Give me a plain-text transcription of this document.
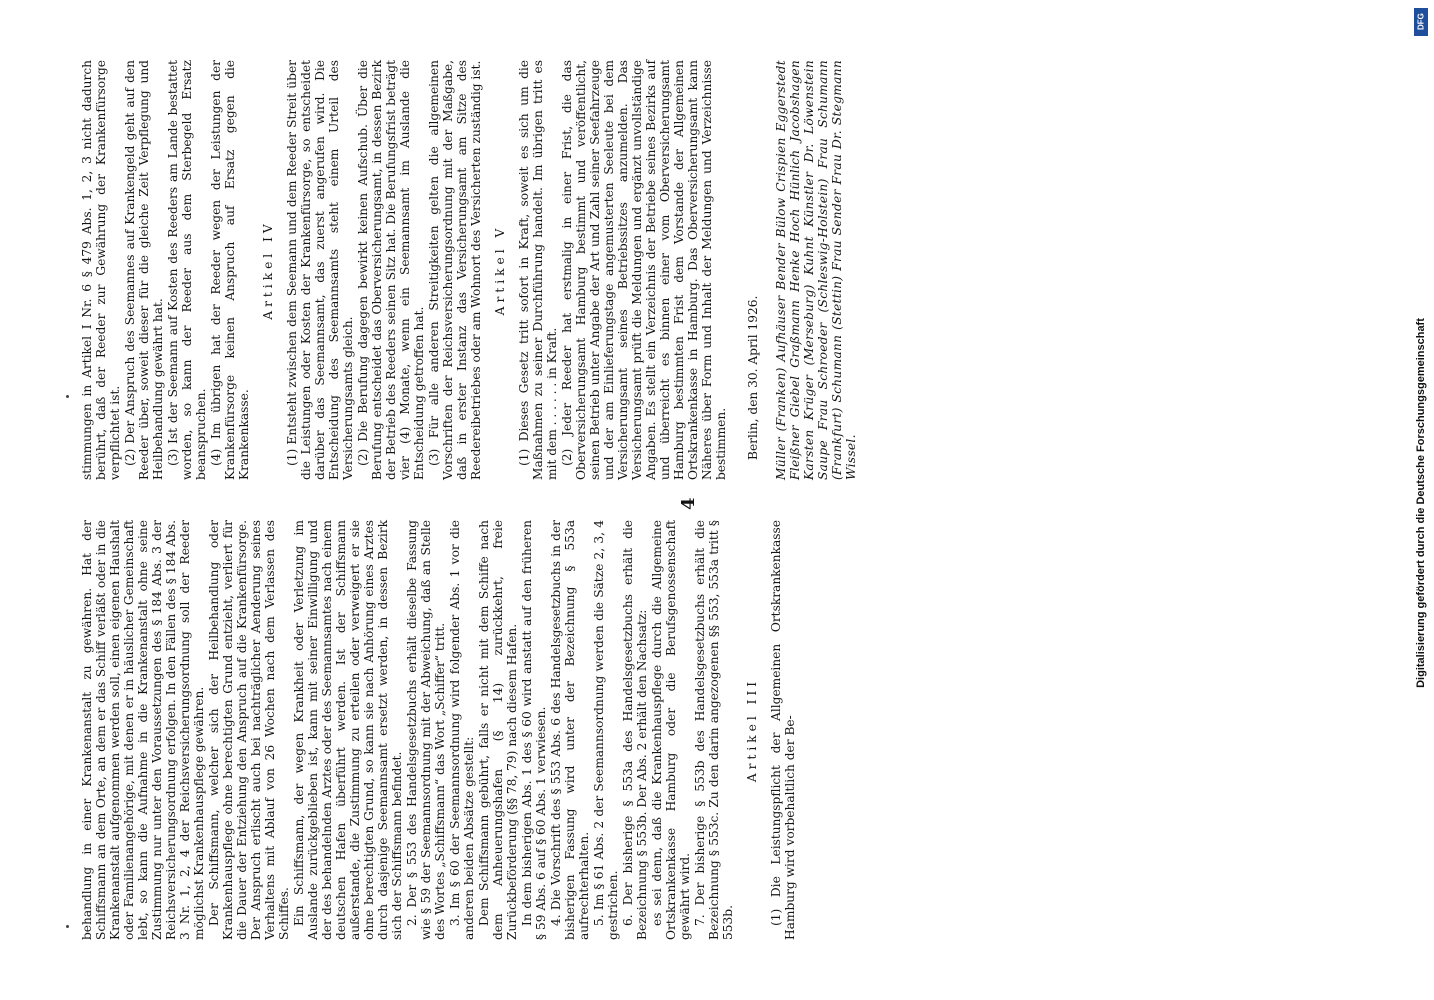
behandlung in einer Krankenanstalt zu gewähren. Hat der Schiffsmann an dem Orte, an dem er das Schiff verläßt oder in die Krankenanstalt aufgenommen werden soll, einen eigenen Haushalt oder Familienangehörige, mit denen er in häuslicher Gemeinschaft lebt, so kann die Aufnahme in die Krankenanstalt ohne seine Zustimmung nur unter den Voraussetzungen des § 184 Abs. 3 der Reichsversicherungsordnung erfolgen. In den Fällen des § 184 Abs. 3 Nr. 1, 2, 4 der Reichsversicherungsordnung soll der Reeder möglichst Krankenhauspflege gewähren. Der Schiffsmann, welcher sich der Heilbehandlung oder Krankenhauspflege ohne berechtigten Grund entzieht, verliert für die Dauer der Entziehung den Anspruch auf die Krankenfürsorge. Der Anspruch erlischt auch bei nachträglicher Aenderung seines Verhaltens mit Ablauf von 26 Wochen nach dem Verlassen des Schiffes. Ein Schiffsmann, der wegen Krankheit oder Verletzung im Auslande zurückgeblieben ist, kann mit seiner Einwilligung und der des behandelnden Arztes oder des Seemannsamtes nach einem deutschen Hafen überführt werden. Ist der Schiffsmann außerstande, die Zustimmung zu erteilen oder verweigert er sie ohne berechtigten Grund, so kann sie nach Anhörung eines Arztes durch dasjenige Seemannsamt ersetzt werden, in dessen Bezirk sich der Schiffsmann befindet. 2. Der § 553 des Handelsgesetzbuchs erhält dieselbe Fassung wie § 59 der Seemannsordnung mit der Abweichung, daß an Stelle des Wortes „Schiffsmann“ das Wort „Schiffer“ tritt. 3. Im § 60 der Seemannsordnung wird folgender Abs. 1 vor die anderen beiden Absätze gestellt: Dem Schiffsmann gebührt, falls er nicht mit dem Schiffe nach dem Anheuerungshafen (§ 14) zurückkehrt, freie Zurückbeförderung (§§ 78, 79) nach diesem Hafen. In dem bisherigen Abs. 1 des § 60 wird anstatt auf den früheren § 59 Abs. 6 auf § 60 Abs. 1 verwiesen. 4. Die Vorschrift des § 553 Abs. 6 des Handelsgesetzbuchs in der bisherigen Fassung wird unter der Bezeichnung § 553a aufrechterhalten. 5. Im § 61 Abs. 2 der Seemannsordnung werden die Sätze 2, 3, 4 gestrichen. 6. Der bisherige § 553a des Handelsgesetzbuchs erhält die Bezeichnung § 553b. Der Abs. 2 erhält den Nachsatz: es sei denn, daß die Krankenhauspflege durch die Allgemeine Ortskrankenkasse Hamburg oder die Berufsgenossenschaft gewährt wird. 7. Der bisherige § 553b des Handelsgesetzbuchs erhält die Bezeichnung § 553c. Zu den darin angezogenen §§ 553, 553a tritt § 553b.

Artikel III (1) Die Leistungspflicht der Allgemeinen Ortskrankenkasse Hamburg wird vorbehaltlich der Be-

stimmungen in Artikel I Nr. 6 § 479 Abs. 1, 2, 3 nicht dadurch berührt, daß der Reeder zur Gewährung der Krankenfürsorge verpflichtet ist. (2) Der Anspruch des Seemannes auf Krankengeld geht auf den Reeder über, soweit dieser für die gleiche Zeit Verpflegung und Heilbehandlung gewährt hat. (3) Ist der Seemann auf Kosten des Reeders am Lande bestattet worden, so kann der Reeder aus dem Sterbegeld Ersatz beanspruchen. (4) Im übrigen hat der Reeder wegen der Leistungen der Krankenfürsorge keinen Anspruch auf Ersatz gegen die Krankenkasse.

Artikel IV (1) Entsteht zwischen dem Seemann und dem Reeder Streit über die Leistungen oder Kosten der Krankenfürsorge, so entscheidet darüber das Seemannsamt, das zuerst angerufen wird. Die Entscheidung des Seemannsamts steht einem Urteil des Versicherungsamts gleich. (2) Die Berufung dagegen bewirkt keinen Aufschub. Über die Berufung entscheidet das Oberversicherungsamt, in dessen Bezirk der Betrieb des Reeders seinen Sitz hat. Die Berufungsfrist beträgt vier (4) Monate, wenn ein Seemannsamt im Auslande die Entscheidung getroffen hat. (3) Für alle anderen Streitigkeiten gelten die allgemeinen Vorschriften der Reichsversicherungsordnung mit der Maßgabe, daß in erster Instanz das Versicherungsamt am Sitze des Reedereibetriebes oder am Wohnort des Versicherten zuständig ist. Artikel V (1) Dieses Gesetz tritt sofort in Kraft, soweit es sich um die Maßnahmen zu seiner Durchführung handelt. Im übrigen tritt es mit dem . . . . . . in Kraft. (2) Jeder Reeder hat erstmalig in einer Frist, die das Oberversicherungsamt Hamburg bestimmt und veröffentlicht, seinen Betrieb unter Angabe der Art und Zahl seiner Seefahrzeuge und der am Einlieferungstage angemusterten Seeleute bei dem Versicherungsamt seines Betriebssitzes anzumelden. Das Versicherungsamt prüft die Meldungen und ergänzt unvollständige Angaben. Es stellt ein Verzeichnis der Betriebe seines Bezirks auf und überreicht es binnen einer vom Oberversicherungsamt Hamburg bestimmten Frist dem Vorstande der Allgemeinen Ortskrankenkasse in Hamburg. Das Oberversicherungsamt kann Näheres über Form und Inhalt der Meldungen und Verzeichnisse bestimmen. Berlin, den 30. April 1926. Müller (Franken) Aufhäuser Bender Bülow Crispien Eggerstedt Fleißner Giebel Graßmann Henke Hoch Hünlich Jacobshagen Karsten Krüger (Merseburg) Kuhnt Künstler Dr. Löwenstein Saupe Frau Schroeder (Schleswig-Holstein) Frau Schumann (Frankfurt) Schumann (Stettin) Frau Sender Frau Dr. Stegmann Wissel.

4
DFG
Digitalisierung gefördert durch die Deutsche Forschungsgemeinschaft
